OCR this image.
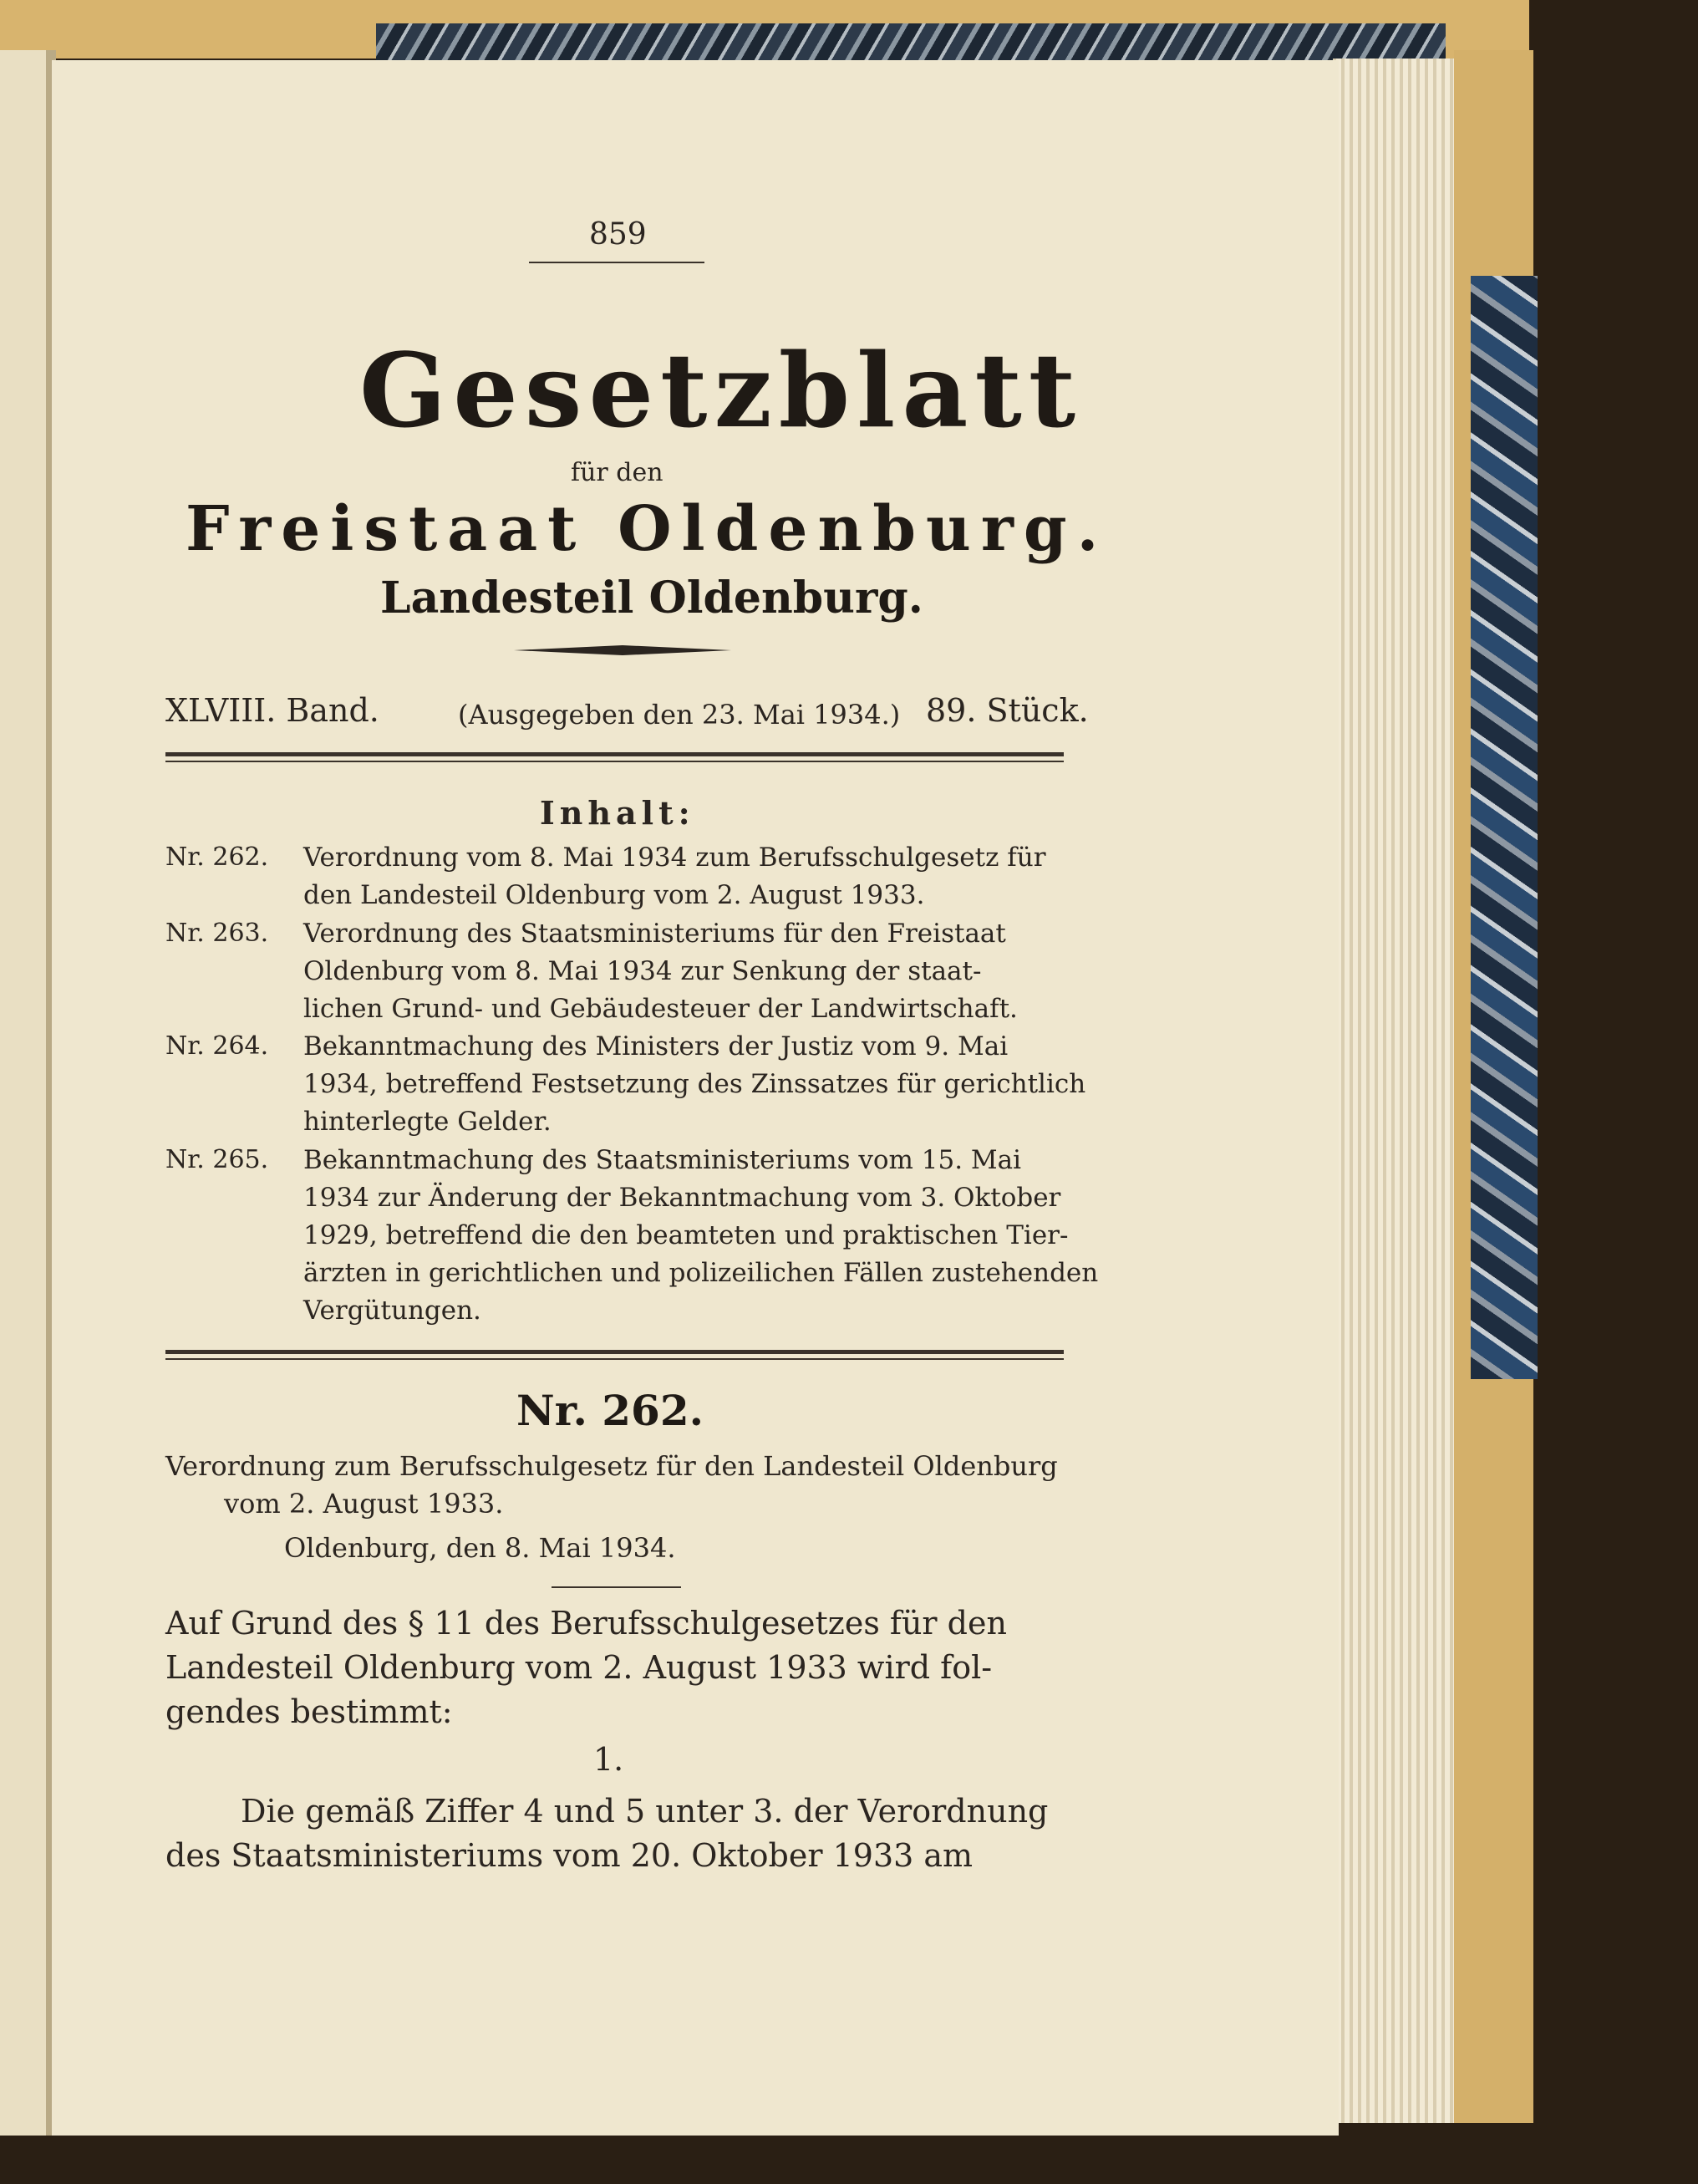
859
Gesetzblatt
für den
Freistaat Oldenburg.
Landesteil Oldenburg.
XLVIII. Band.	(Ausgegeben den 23. Mai 1934.) 89. Stück.
Inhalt:
Nr. 262. Verordnung vom 8. Mai 1934 zum Berufsschulgesetz für
den Landesteil Oldenburg vom 2. August 1933.
Nr. 263. Verordnung des Staatsministeriums für den Freistaat
Oldenburg vom 8. Mai 1934 zur Senkung der staat-
lichen Grund- und Gebäudesteuer der Landwirtschaft.
Nr. 264. Bekanntmachung des Ministers der Justiz vom 9. Mai
1934, betreffend Festsetzung des Zinssatzes für gerichtlich
hinterlegte Gelder.
Nr. 265. Bekanntmachung des Staatsministeriums vom 15. Mai
1934 zur Änderung der Bekanntmachung vom 3. Oktober
1929, betreffend die den beamteten und praktischen Tier-
ärzten in gerichtlichen und polizeilichen Fällen zustehenden
Vergütungen.
Nr. 262.
Verordnung zum Berufsschulgesetz für den Landesteil Oldenburg
vom 2. August 1933.
Oldenburg, den 8. Mai 1934.
Auf Grund des § 11 des Berufsschulgesetzes für den
Landesteil Oldenburg vom 2. August 1933 wird fol-
gendes bestimmt:
1.
Die gemäß Ziffer 4 und 5 unter 3. der Verordnung
des Staatsministeriums vom 20. Oktober 1933 am
